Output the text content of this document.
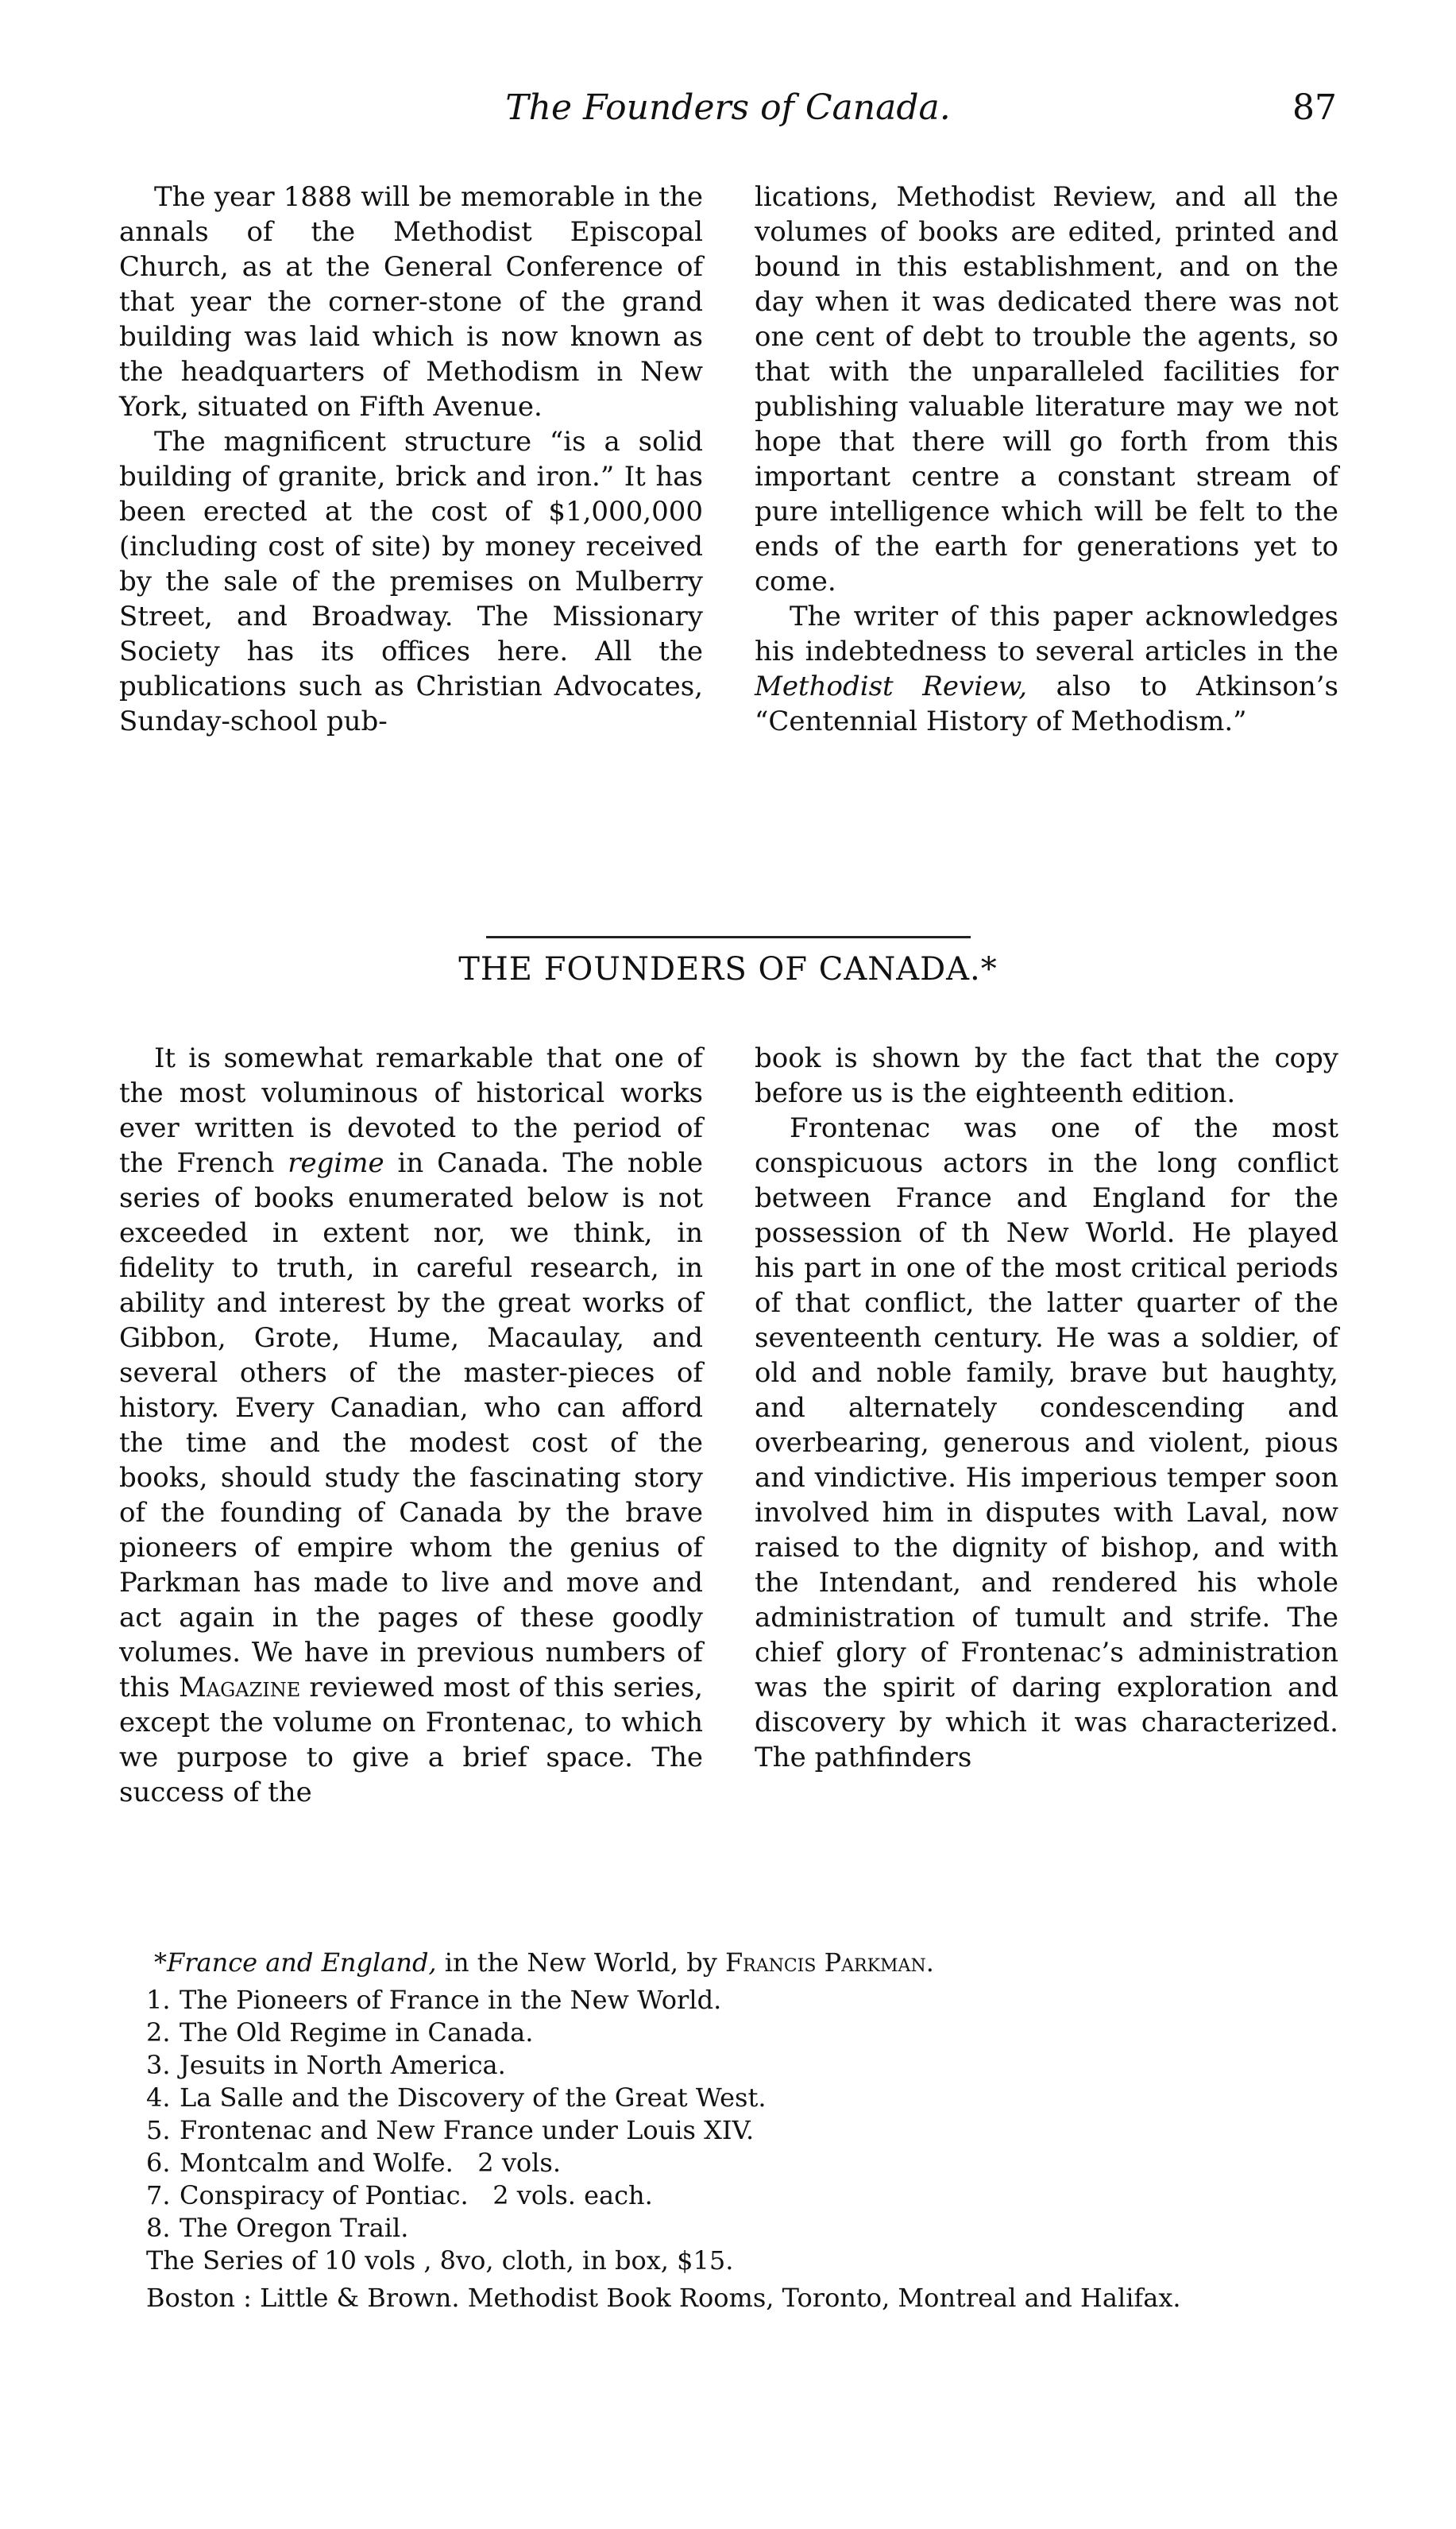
The Founders of Canada.	87

The year 1888 will be memorable in the annals of the Methodist Episcopal Church, as at the General Conference of that year the corner-stone of the grand building was laid which is now known as the headquarters of Methodism in New York, situated on Fifth Avenue.

The magnificent structure “is a solid building of granite, brick and iron.” It has been erected at the cost of $1,000,000 (including cost of site) by money received by the sale of the premises on Mulberry Street, and Broadway. The Missionary Society has its offices here. All the publications such as Christian Advocates, Sunday-school pub-

lications, Methodist Review, and all the volumes of books are edited, printed and bound in this establishment, and on the day when it was dedicated there was not one cent of debt to trouble the agents, so that with the unparalleled facilities for publishing valuable literature may we not hope that there will go forth from this important centre a constant stream of pure intelligence which will be felt to the ends of the earth for generations yet to come.

The writer of this paper acknowledges his indebtedness to several articles in the Methodist Review, also to Atkinson’s “Centennial History of Methodism.”

THE FOUNDERS OF CANADA.*

It is somewhat remarkable that one of the most voluminous of historical works ever written is devoted to the period of the French regime in Canada. The noble series of books enumerated below is not exceeded in extent nor, we think, in fidelity to truth, in careful research, in ability and interest by the great works of Gibbon, Grote, Hume, Macaulay, and several others of the master-pieces of history. Every Canadian, who can afford the time and the modest cost of the books, should study the fascinating story of the founding of Canada by the brave pioneers of empire whom the genius of Parkman has made to live and move and act again in the pages of these goodly volumes. We have in previous numbers of this Magazine reviewed most of this series, except the volume on Frontenac, to which we purpose to give a brief space. The success of the

book is shown by the fact that the copy before us is the eighteenth edition.

Frontenac was one of the most conspicuous actors in the long conflict between France and England for the possession of th New World. He played his part in one of the most critical periods of that conflict, the latter quarter of the seventeenth century. He was a soldier, of old and noble family, brave but haughty, and alternately condescending and overbearing, generous and violent, pious and vindictive. His imperious temper soon involved him in disputes with Laval, now raised to the dignity of bishop, and with the Intendant, and rendered his whole administration of tumult and strife. The chief glory of Frontenac’s administration was the spirit of daring exploration and discovery by which it was characterized. The pathfinders

*France and England, in the New World, by Francis Parkman.

1. The Pioneers of France in the New World.
2. The Old Regime in Canada.
3. Jesuits in North America.
4. La Salle and the Discovery of the Great West.
5. Frontenac and New France under Louis XIV.
6. Montcalm and Wolfe.   2 vols.
7. Conspiracy of Pontiac.   2 vols. each.
8. The Oregon Trail.

The Series of 10 vols , 8vo, cloth, in box, $15.

Boston : Little & Brown. Methodist Book Rooms, Toronto, Montreal and Halifax.
